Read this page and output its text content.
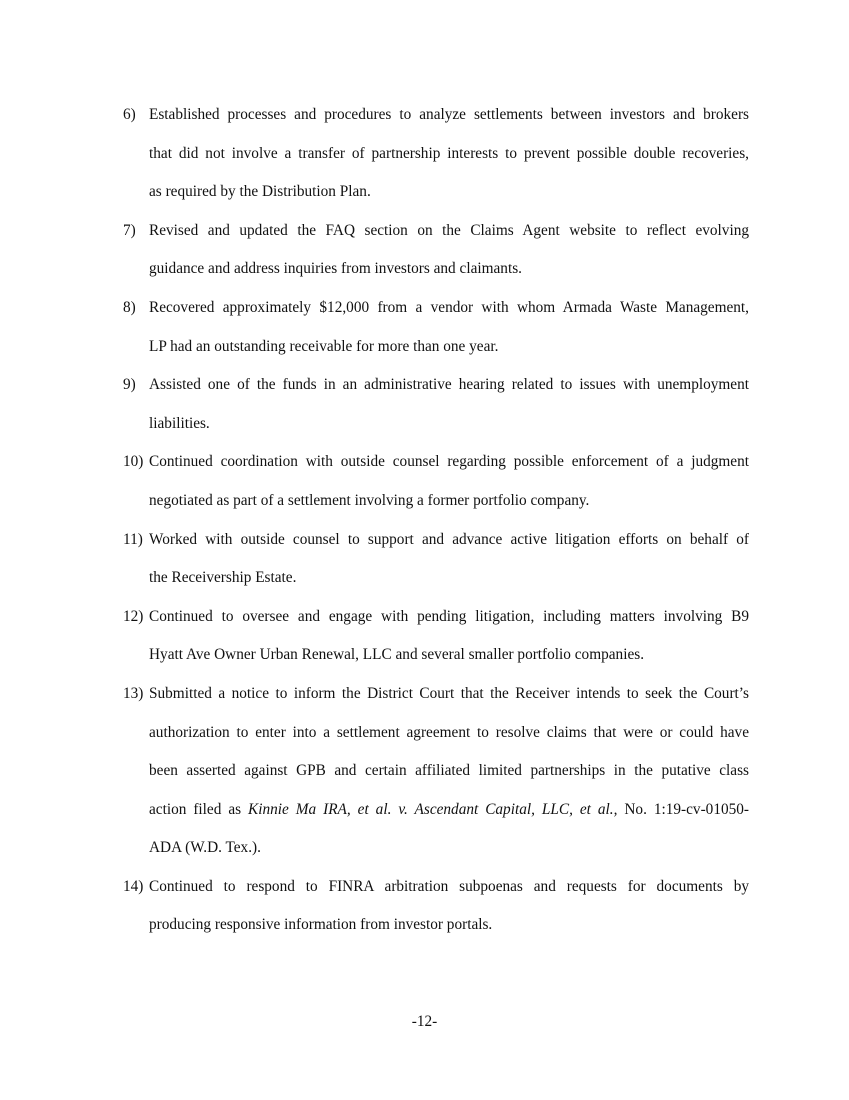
6) Established processes and procedures to analyze settlements between investors and brokers
that did not involve a transfer of partnership interests to prevent possible double recoveries,
as required by the Distribution Plan.
7) Revised and updated the FAQ section on the Claims Agent website to reflect evolving
guidance and address inquiries from investors and claimants.
8) Recovered approximately $12,000 from a vendor with whom Armada Waste Management,
LP had an outstanding receivable for more than one year.
9) Assisted one of the funds in an administrative hearing related to issues with unemployment
liabilities.
10) Continued coordination with outside counsel regarding possible enforcement of a judgment
negotiated as part of a settlement involving a former portfolio company.
11) Worked with outside counsel to support and advance active litigation efforts on behalf of
the Receivership Estate.
12) Continued to oversee and engage with pending litigation, including matters involving B9
Hyatt Ave Owner Urban Renewal, LLC and several smaller portfolio companies.
13) Submitted a notice to inform the District Court that the Receiver intends to seek the Court’s
authorization to enter into a settlement agreement to resolve claims that were or could have
been asserted against GPB and certain affiliated limited partnerships in the putative class
action filed as Kinnie Ma IRA, et al. v. Ascendant Capital, LLC, et al., No. 1:19-cv-01050-
ADA (W.D. Tex.).
14) Continued to respond to FINRA arbitration subpoenas and requests for documents by
producing responsive information from investor portals.
-12-
